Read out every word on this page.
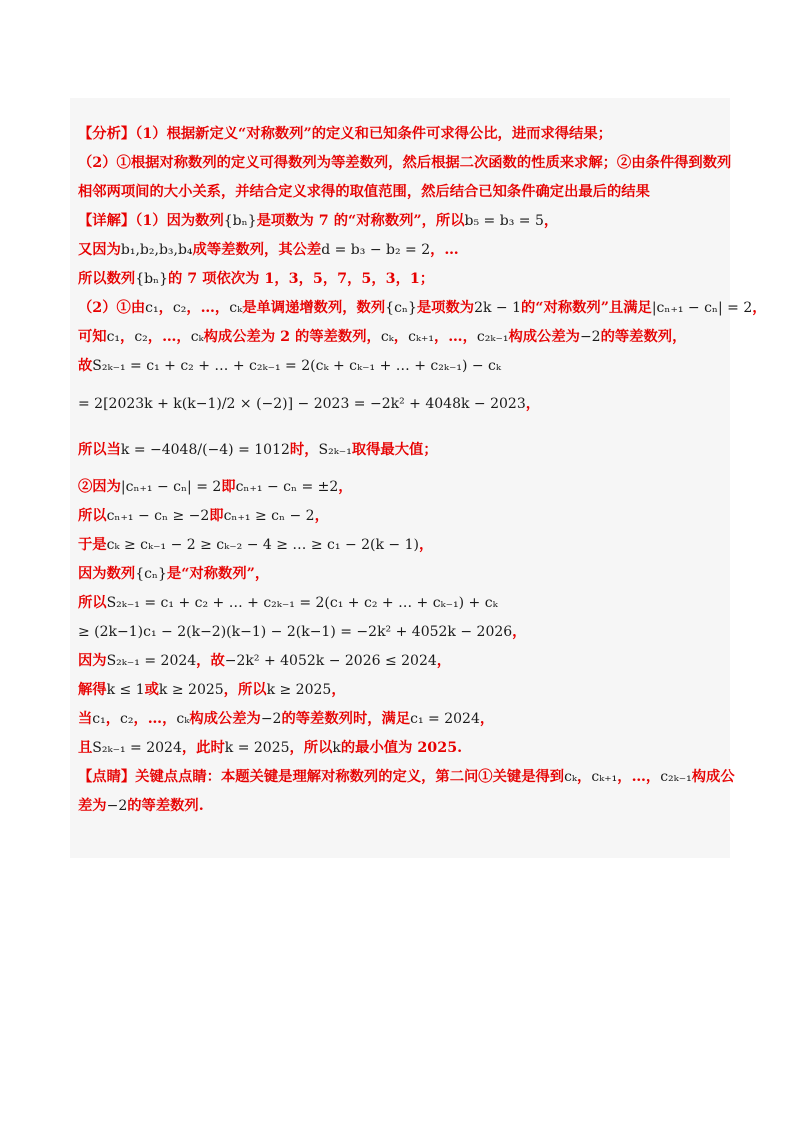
【分析】（1）根据新定义“对称数列”的定义和已知条件可求得公比，进而求得结果；
（2）①根据对称数列的定义可得数列为等差数列，然后根据二次函数的性质来求解；②由条件得到数列
相邻两项间的大小关系，并结合定义求得的取值范围，然后结合已知条件确定出最后的结果
【详解】（1）因为数列{bₙ}是项数为 7 的“对称数列”，所以b₅ = b₃ = 5，
又因为b₁,b₂,b₃,b₄成等差数列，其公差d = b₃ − b₂ = 2，…
所以数列{bₙ}的 7 项依次为 1，3，5，7，5，3，1；
（2）①由c₁，c₂，…，cₖ是单调递增数列，数列{cₙ}是项数为2k − 1的“对称数列”且满足|cₙ₊₁ − cₙ| = 2，
可知c₁，c₂，…，cₖ构成公差为 2 的等差数列，cₖ，cₖ₊₁，…，c₂ₖ₋₁构成公差为−2的等差数列，
故S₂ₖ₋₁ = c₁ + c₂ + … + c₂ₖ₋₁ = 2(cₖ + cₖ₋₁ + … + c₂ₖ₋₁) − cₖ
= 2[2023k + k(k−1)/2 × (−2)] − 2023 = −2k² + 4048k − 2023，
所以当k = −4048/(−4) = 1012时，S₂ₖ₋₁取得最大值；
②因为|cₙ₊₁ − cₙ| = 2即cₙ₊₁ − cₙ = ±2，
所以cₙ₊₁ − cₙ ≥ −2即cₙ₊₁ ≥ cₙ − 2，
于是cₖ ≥ cₖ₋₁ − 2 ≥ cₖ₋₂ − 4 ≥ … ≥ c₁ − 2(k − 1)，
因为数列{cₙ}是“对称数列”，
所以S₂ₖ₋₁ = c₁ + c₂ + … + c₂ₖ₋₁ = 2(c₁ + c₂ + … + cₖ₋₁) + cₖ
≥ (2k−1)c₁ − 2(k−2)(k−1) − 2(k−1) = −2k² + 4052k − 2026，
因为S₂ₖ₋₁ = 2024，故−2k² + 4052k − 2026 ≤ 2024，
解得k ≤ 1或k ≥ 2025，所以k ≥ 2025，
当c₁，c₂，…，cₖ构成公差为−2的等差数列时，满足c₁ = 2024，
且S₂ₖ₋₁ = 2024，此时k = 2025，所以k的最小值为 2025.
【点睛】关键点点睛：本题关键是理解对称数列的定义，第二问①关键是得到cₖ，cₖ₊₁，…，c₂ₖ₋₁构成公
差为−2的等差数列.
